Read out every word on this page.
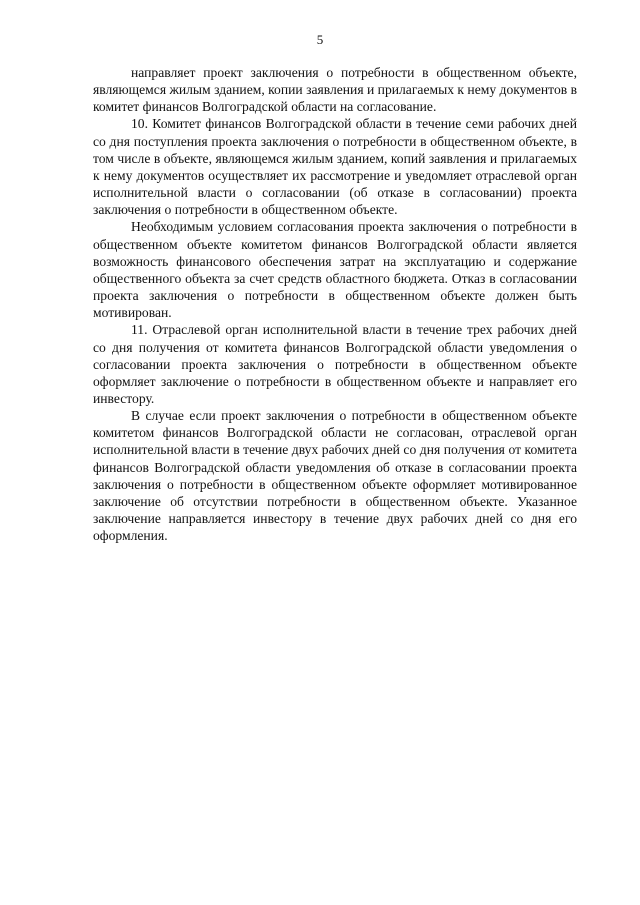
5

направляет проект заключения о потребности в общественном объекте, являющемся жилым зданием, копии заявления и прилагаемых к нему документов в комитет финансов Волгоградской области на согласование.

10. Комитет финансов Волгоградской области в течение семи рабочих дней со дня поступления проекта заключения о потребности в общественном объекте, в том числе в объекте, являющемся жилым зданием, копий заявления и прилагаемых к нему документов осуществляет их рассмотрение и уведомляет отраслевой орган исполнительной власти о согласовании (об отказе в согласовании) проекта заключения о потребности в общественном объекте.

Необходимым условием согласования проекта заключения о потребности в общественном объекте комитетом финансов Волгоградской области является возможность финансового обеспечения затрат на эксплуатацию и содержание общественного объекта за счет средств областного бюджета. Отказ в согласовании проекта заключения о потребности в общественном объекте должен быть мотивирован.

11. Отраслевой орган исполнительной власти в течение трех рабочих дней со дня получения от комитета финансов Волгоградской области уведомления о согласовании проекта заключения о потребности в общественном объекте оформляет заключение о потребности в общественном объекте и направляет его инвестору.

В случае если проект заключения о потребности в общественном объекте комитетом финансов Волгоградской области не согласован, отраслевой орган исполнительной власти в течение двух рабочих дней со дня получения от комитета финансов Волгоградской области уведомления об отказе в согласовании проекта заключения о потребности в общественном объекте оформляет мотивированное заключение об отсутствии потребности в общественном объекте. Указанное заключение направляется инвестору в течение двух рабочих дней со дня его оформления.
